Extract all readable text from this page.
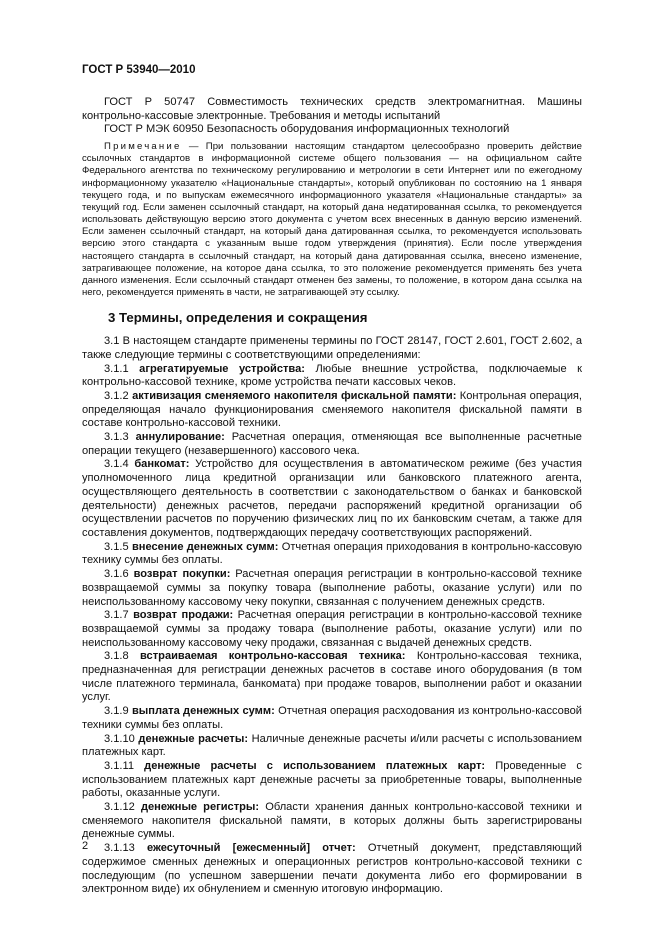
ГОСТ Р 53940—2010

ГОСТ Р 50747 Совместимость технических средств электромагнитная. Машины контрольно-кассовые электронные. Требования и методы испытаний

ГОСТ Р МЭК 60950 Безопасность оборудования информационных технологий

Примечание — При пользовании настоящим стандартом целесообразно проверить действие ссылочных стандартов в информационной системе общего пользования — на официальном сайте Федерального агентства по техническому регулированию и метрологии в сети Интернет или по ежегодному информационному указателю «Национальные стандарты», который опубликован по состоянию на 1 января текущего года, и по выпускам ежемесячного информационного указателя «Национальные стандарты» за текущий год. Если заменен ссылочный стандарт, на который дана недатированная ссылка, то рекомендуется использовать действующую версию этого документа с учетом всех внесенных в данную версию изменений. Если заменен ссылочный стандарт, на который дана датированная ссылка, то рекомендуется использовать версию этого стандарта с указанным выше годом утверждения (принятия). Если после утверждения настоящего стандарта в ссылочный стандарт, на который дана датированная ссылка, внесено изменение, затрагивающее положение, на которое дана ссылка, то это положение рекомендуется применять без учета данного изменения. Если ссылочный стандарт отменен без замены, то положение, в котором дана ссылка на него, рекомендуется применять в части, не затрагивающей эту ссылку.

3 Термины, определения и сокращения

3.1 В настоящем стандарте применены термины по ГОСТ 28147, ГОСТ 2.601, ГОСТ 2.602, а также следующие термины с соответствующими определениями:

3.1.1 агрегатируемые устройства: Любые внешние устройства, подключаемые к контрольно-кассовой технике, кроме устройства печати кассовых чеков.

3.1.2 активизация сменяемого накопителя фискальной памяти: Контрольная операция, определяющая начало функционирования сменяемого накопителя фискальной памяти в составе контрольно-кассовой техники.

3.1.3 аннулирование: Расчетная операция, отменяющая все выполненные расчетные операции текущего (незавершенного) кассового чека.

3.1.4 банкомат: Устройство для осуществления в автоматическом режиме (без участия уполномоченного лица кредитной организации или банковского платежного агента, осуществляющего деятельность в соответствии с законодательством о банках и банковской деятельности) денежных расчетов, передачи распоряжений кредитной организации об осуществлении расчетов по поручению физических лиц по их банковским счетам, а также для составления документов, подтверждающих передачу соответствующих распоряжений.

3.1.5 внесение денежных сумм: Отчетная операция приходования в контрольно-кассовую технику суммы без оплаты.

3.1.6 возврат покупки: Расчетная операция регистрации в контрольно-кассовой технике возвращаемой суммы за покупку товара (выполнение работы, оказание услуги) или по неиспользованному кассовому чеку покупки, связанная с получением денежных средств.

3.1.7 возврат продажи: Расчетная операция регистрации в контрольно-кассовой технике возвращаемой суммы за продажу товара (выполнение работы, оказание услуги) или по неиспользованному кассовому чеку продажи, связанная с выдачей денежных средств.

3.1.8 встраиваемая контрольно-кассовая техника: Контрольно-кассовая техника, предназначенная для регистрации денежных расчетов в составе иного оборудования (в том числе платежного терминала, банкомата) при продаже товаров, выполнении работ и оказании услуг.

3.1.9 выплата денежных сумм: Отчетная операция расходования из контрольно-кассовой техники суммы без оплаты.

3.1.10 денежные расчеты: Наличные денежные расчеты и/или расчеты с использованием платежных карт.

3.1.11 денежные расчеты с использованием платежных карт: Проведенные с использованием платежных карт денежные расчеты за приобретенные товары, выполненные работы, оказанные услуги.

3.1.12 денежные регистры: Области хранения данных контрольно-кассовой техники и сменяемого накопителя фискальной памяти, в которых должны быть зарегистрированы денежные суммы.

3.1.13 ежесуточный [ежесменный] отчет: Отчетный документ, представляющий содержимое сменных денежных и операционных регистров контрольно-кассовой техники с последующим (по успешном завершении печати документа либо его формировании в электронном виде) их обнулением и сменную итоговую информацию.

2
